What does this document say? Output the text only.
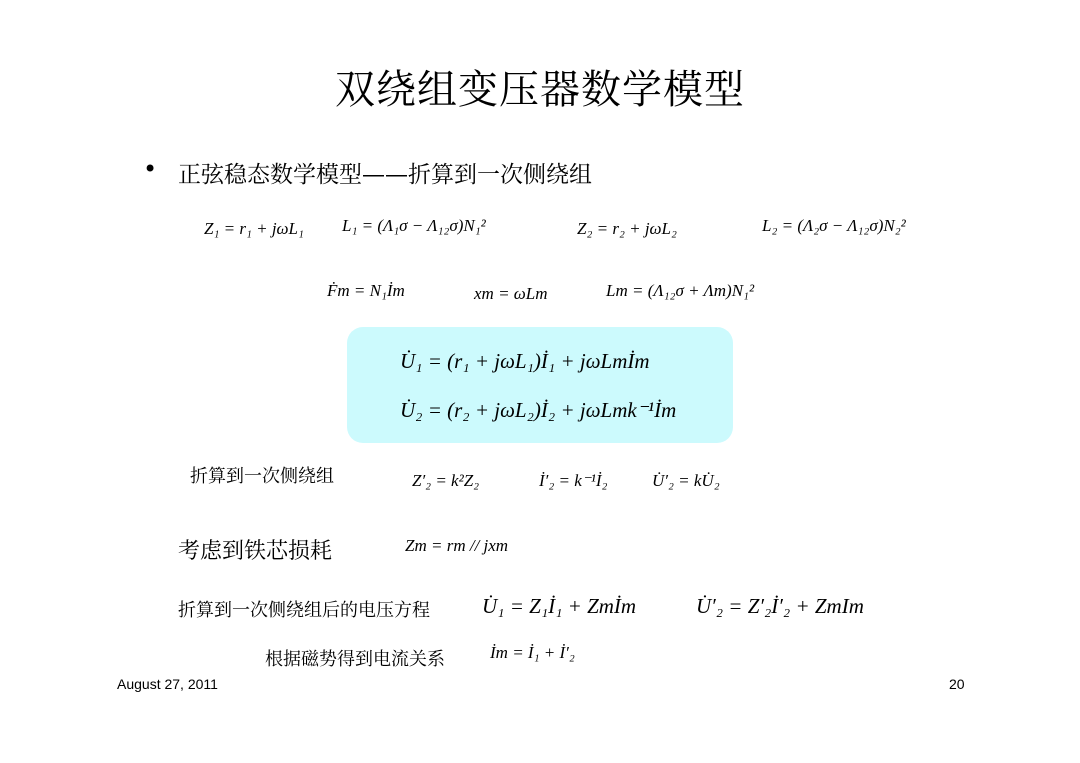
双绕组变压器数学模型
• 正弦稳态数学模型——折算到一次侧绕组
Z₁ = r₁ + jωL₁ L₁ = (Λ₁σ − Λ₁₂σ)N₁²	Z₂ = r₂ + jωL₂	L₂ = (Λ₂σ − Λ₁₂σ)N₂²
Ḟm = N₁İm	xm = ωLm	Lm = (Λ₁₂σ + Λm)N₁²
U̇₁ = (r₁ + jωL₁)İ₁ + jωLmİm
U̇₂ = (r₂ + jωL₂)İ₂ + jωLmk⁻¹İm
折算到一次侧绕组	Z′₂ = k²Z₂	İ′₂ = k⁻¹İ₂	U̇′₂ = kU̇₂
考虑到铁芯损耗	Zm = rm // jxm
折算到一次侧绕组后的电压方程 U̇₁ = Z₁İ₁ + Zmİm	U̇′₂ = Z′₂İ′₂ + ZmIm
根据磁势得到电流关系	İm = İ₁ + İ′₂
August 27, 2011	20
